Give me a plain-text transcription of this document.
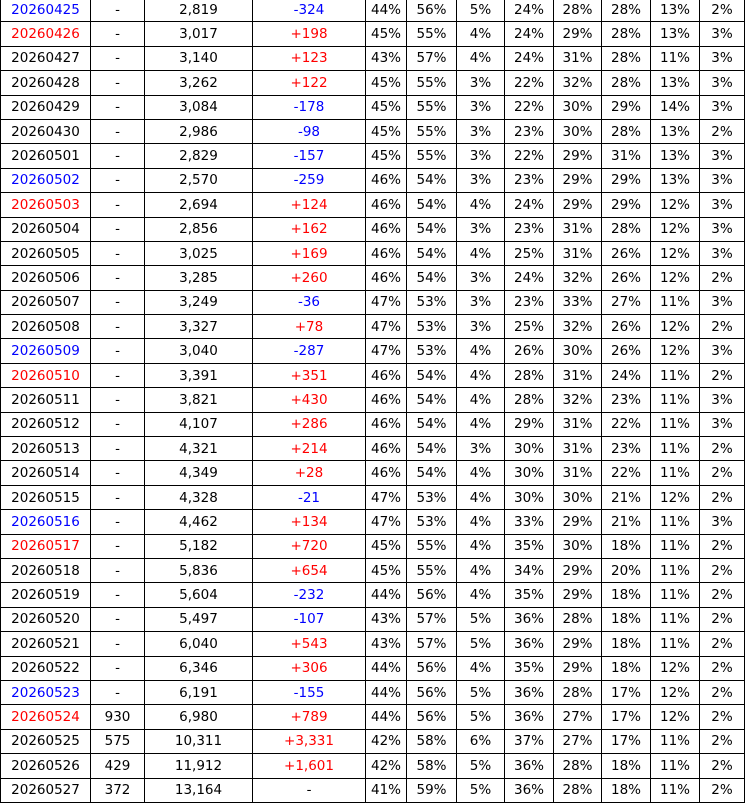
20260425	-	2,819	-324	44%	56%	5%	24%	28%	28%	13%	2%
20260426	-	3,017	+198	45%	55%	4%	24%	29%	28%	13%	3%
20260427	-	3,140	+123	43%	57%	4%	24%	31%	28%	11%	3%
20260428	-	3,262	+122	45%	55%	3%	22%	32%	28%	13%	3%
20260429	-	3,084	-178	45%	55%	3%	22%	30%	29%	14%	3%
20260430	-	2,986	-98	45%	55%	3%	23%	30%	28%	13%	2%
20260501	-	2,829	-157	45%	55%	3%	22%	29%	31%	13%	3%
20260502	-	2,570	-259	46%	54%	3%	23%	29%	29%	13%	3%
20260503	-	2,694	+124	46%	54%	4%	24%	29%	29%	12%	3%
20260504	-	2,856	+162	46%	54%	3%	23%	31%	28%	12%	3%
20260505	-	3,025	+169	46%	54%	4%	25%	31%	26%	12%	3%
20260506	-	3,285	+260	46%	54%	3%	24%	32%	26%	12%	2%
20260507	-	3,249	-36	47%	53%	3%	23%	33%	27%	11%	3%
20260508	-	3,327	+78	47%	53%	3%	25%	32%	26%	12%	2%
20260509	-	3,040	-287	47%	53%	4%	26%	30%	26%	12%	3%
20260510	-	3,391	+351	46%	54%	4%	28%	31%	24%	11%	2%
20260511	-	3,821	+430	46%	54%	4%	28%	32%	23%	11%	3%
20260512	-	4,107	+286	46%	54%	4%	29%	31%	22%	11%	3%
20260513	-	4,321	+214	46%	54%	3%	30%	31%	23%	11%	2%
20260514	-	4,349	+28	46%	54%	4%	30%	31%	22%	11%	2%
20260515	-	4,328	-21	47%	53%	4%	30%	30%	21%	12%	2%
20260516	-	4,462	+134	47%	53%	4%	33%	29%	21%	11%	3%
20260517	-	5,182	+720	45%	55%	4%	35%	30%	18%	11%	2%
20260518	-	5,836	+654	45%	55%	4%	34%	29%	20%	11%	2%
20260519	-	5,604	-232	44%	56%	4%	35%	29%	18%	11%	2%
20260520	-	5,497	-107	43%	57%	5%	36%	28%	18%	11%	2%
20260521	-	6,040	+543	43%	57%	5%	36%	29%	18%	11%	2%
20260522	-	6,346	+306	44%	56%	4%	35%	29%	18%	12%	2%
20260523	-	6,191	-155	44%	56%	5%	36%	28%	17%	12%	2%
20260524	930	6,980	+789	44%	56%	5%	36%	27%	17%	12%	2%
20260525	575	10,311	+3,331	42%	58%	6%	37%	27%	17%	11%	2%
20260526	429	11,912	+1,601	42%	58%	5%	36%	28%	18%	11%	2%
20260527	372	13,164	-	41%	59%	5%	36%	28%	18%	11%	2%
